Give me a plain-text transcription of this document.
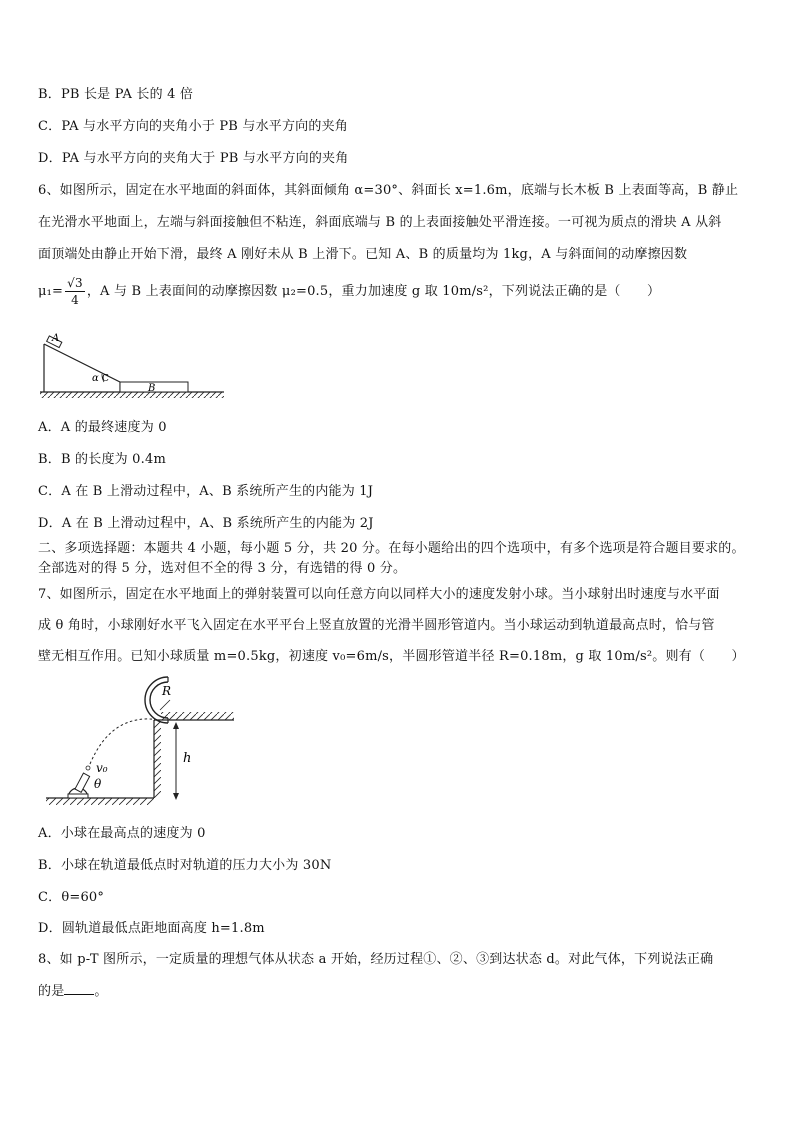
B．PB 长是 PA 长的 4 倍
C．PA 与水平方向的夹角小于 PB 与水平方向的夹角
D．PA 与水平方向的夹角大于 PB 与水平方向的夹角
6、如图所示，固定在水平地面的斜面体，其斜面倾角 α=30°、斜面长 x=1.6m，底端与长木板 B 上表面等高，B 静止
在光滑水平地面上，左端与斜面接触但不粘连，斜面底端与 B 的上表面接触处平滑连接。一可视为质点的滑块 A 从斜
面顶端处由静止开始下滑，最终 A 刚好未从 B 上滑下。已知 A、B 的质量均为 1kg，A 与斜面间的动摩擦因数
$\mu_1= \frac{√3}{4}$ ，A 与 B 上表面间的动摩擦因数 μ₂=0.5，重力加速度 g 取 10m/s²，下列说法正确的是（　　）
A
α C
B
A．A 的最终速度为 0
B．B 的长度为 0.4m
C．A 在 B 上滑动过程中，A、B 系统所产生的内能为 1J
D．A 在 B 上滑动过程中，A、B 系统所产生的内能为 2J
二、多项选择题：本题共 4 小题，每小题 5 分，共 20 分。在每小题给出的四个选项中，有多个选项是符合题目要求的。
全部选对的得 5 分，选对但不全的得 3 分，有选错的得 0 分。
7、如图所示，固定在水平地面上的弹射装置可以向任意方向以同样大小的速度发射小球。当小球射出时速度与水平面
成 θ 角时，小球刚好水平飞入固定在水平平台上竖直放置的光滑半圆形管道内。当小球运动到轨道最高点时，恰与管
壁无相互作用。已知小球质量 m=0.5kg，初速度 v₀=6m/s，半圆形管道半径 R=0.18m，g 取 10m/s²。则有（　　）
R
h
v₀
θ
A．小球在最高点的速度为 0
B．小球在轨道最低点时对轨道的压力大小为 30N
C．θ=60°
D．圆轨道最低点距地面高度 h=1.8m
8、如 p-T 图所示，一定质量的理想气体从状态 a 开始，经历过程①、②、③到达状态 d。对此气体，下列说法正确
的是 。
